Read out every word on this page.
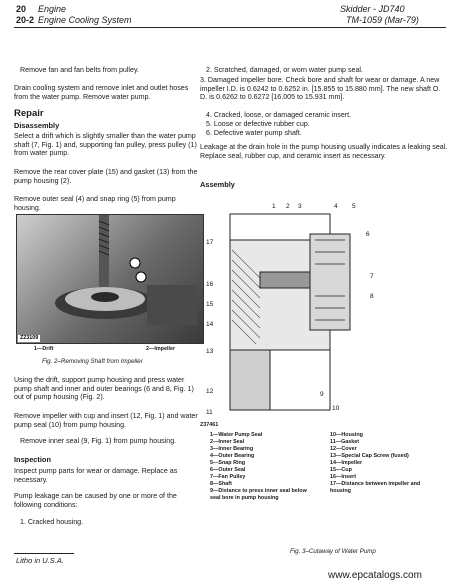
20 Engine
20-2 Engine Cooling System
Skidder - JD740
TM-1059 (Mar-79)
Remove fan and fan belts from pulley.
Drain cooling system and remove inlet and outlet hoses from the water pump. Remove water pump.
Repair
Disassembly
Select a drift which is slightly smaller than the water pump shaft (7, Fig. 1) and, supporting fan pulley, press pulley (1) from water pump.
Remove the rear cover plate (15) and gasket (13) from the pump housing (2).
Remove outer seal (4) and snap ring (5) from pump housing.
Z23109
1—Drift	2—Impeller
Fig. 2–Removing Shaft from Impeller
Using the drift, support pump housing and press water pump shaft and inner and outer bearings (6 and 8, Fig. 1) out of pump housing (Fig. 2).
Remove impeller with cup and insert (12, Fig. 1) and water pump seal (10) from pump housing.
Remove inner seal (9, Fig. 1) from pump housing.
Inspection
Inspect pump parts for wear or damage. Replace as necessary.
Pump leakage can be caused by one or more of the following conditions:
1. Cracked housing.
2. Scratched, damaged, or worn water pump seal.
3. Damaged impeller bore. Check bore and shaft for wear or damage. A new impeller I.D. is 0.6242 to 0.6252 in. [15.855 to 15.880 mm]. The new shaft O. D. is 0.6262 to 0.6272 [16.005 to 15.931 mm].
4. Cracked, loose, or damaged ceramic insert.
5. Loose or defective rubber cup.
6. Defective water pump shaft.
Leakage at the drain hole in the pump housing usually indicates a leaking seal. Replace seal, rubber cup, and ceramic insert as necessary.
Assembly
1 2 3	4 5
6
7
8
9
10
11
12
13
14
15
16
17
Z37461
1—Water Pump Seal
2—Inner Seal
3—Inner Bearing
4—Outer Bearing
5—Snap Ring
6—Outer Seal
7—Fan Pulley
8—Shaft
9—Distance to press inner seal below seal bore in pump housing
10—Housing
11—Gasket
12—Cover
13—Special Cap Screw (fused)
14—Impeller
15—Cup
16—Insert
17—Distance between impeller and housing
Fig. 3–Cutaway of Water Pump
Litho in U.S.A.
www.epcatalogs.com
